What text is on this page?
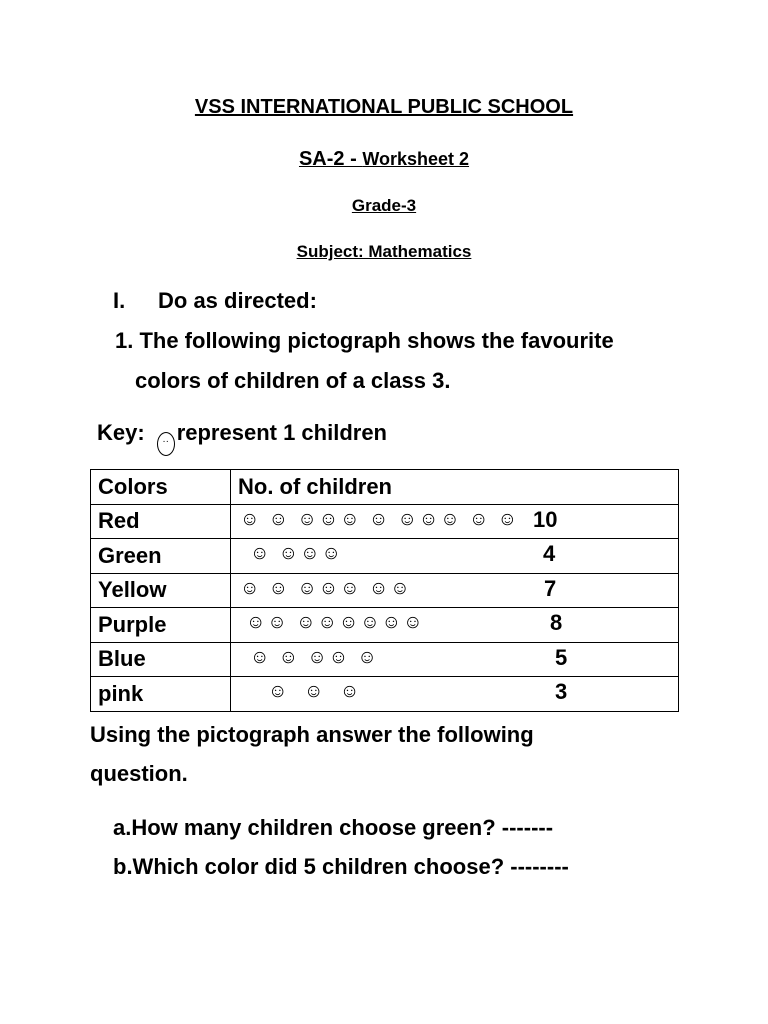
VSS INTERNATIONAL PUBLIC SCHOOL
SA-2 - Worksheet 2
Grade-3
Subject: Mathematics
I. Do as directed:
1. The following pictograph shows the favourite
colors of children of a class 3.
Key: ·· represent 1 children
Colors	No. of children
Red	☺ ☺ ☺☺☺ ☺ ☺☺☺ ☺ ☺ 10

Green	☺ ☺☺☺ 4

Yellow	☺ ☺ ☺☺☺ ☺☺ 7

Purple	☺☺ ☺☺☺☺☺☺ 8

Blue	☺ ☺ ☺☺ ☺ 5

pink	☺  ☺  ☺ 3
Using the pictograph answer the following
question.
a.How many children choose green? -------
b.Which color did 5 children choose? --------
